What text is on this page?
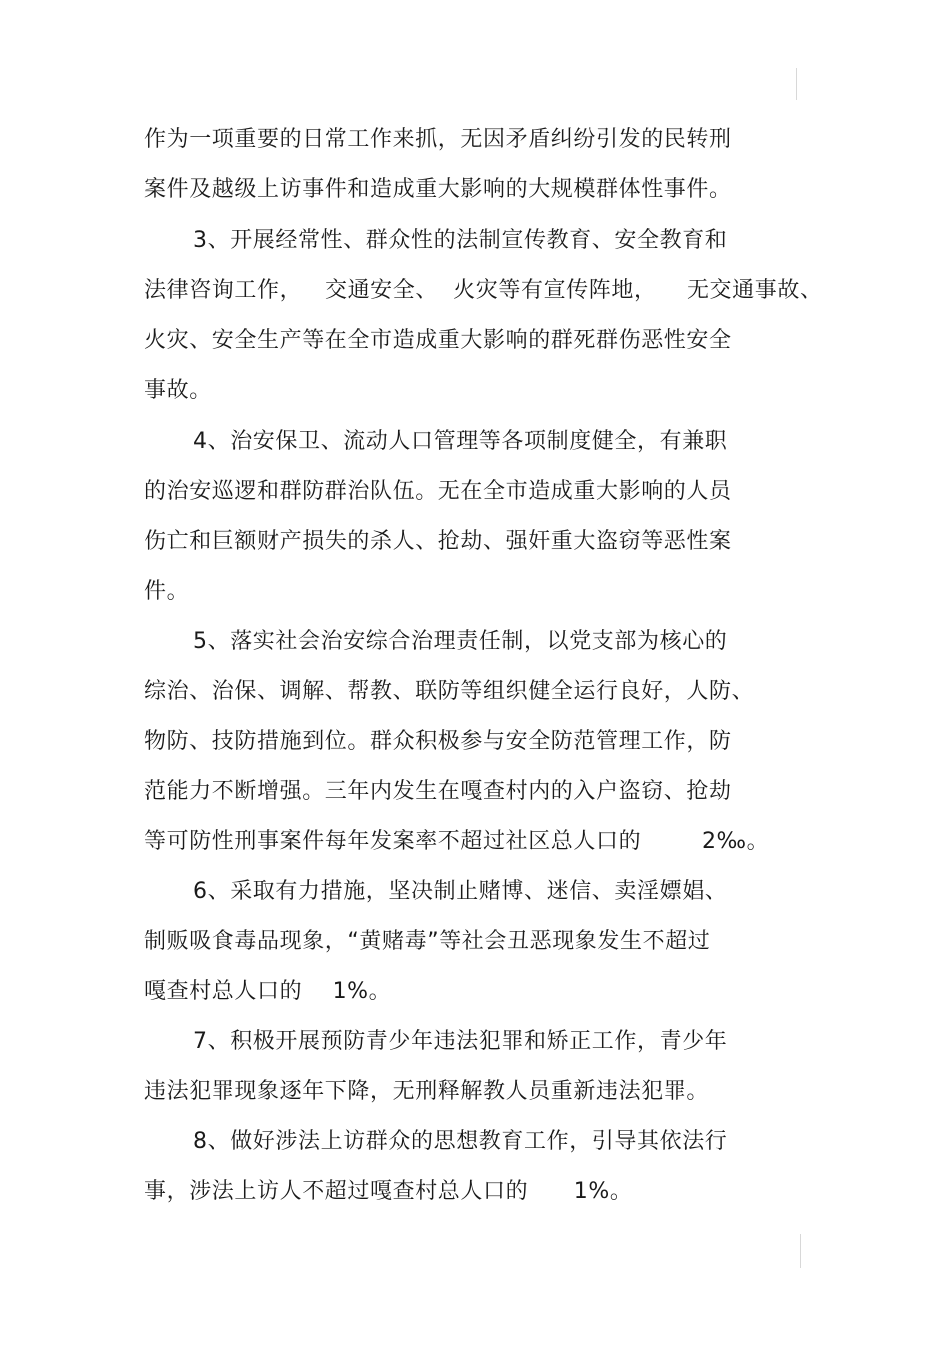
作为一项重要的日常工作来抓，无因矛盾纠纷引发的民转刑
案件及越级上访事件和造成重大影响的大规模群体性事件。
3、开展经常性、群众性的法制宣传教育、安全教育和
法律咨询工作，   交通安全、  火灾等有宣传阵地，    无交通事故、
火灾、安全生产等在全市造成重大影响的群死群伤恶性安全
事故。
4、治安保卫、流动人口管理等各项制度健全，有兼职
的治安巡逻和群防群治队伍。无在全市造成重大影响的人员
伤亡和巨额财产损失的杀人、抢劫、强奸重大盗窃等恶性案
件。
5、落实社会治安综合治理责任制，以党支部为核心的
综治、治保、调解、帮教、联防等组织健全运行良好，人防、
物防、技防措施到位。群众积极参与安全防范管理工作，防
范能力不断增强。三年内发生在嘎查村内的入户盗窃、抢劫
等可防性刑事案件每年发案率不超过社区总人口的        2‰。
6、采取有力措施，坚决制止赌博、迷信、卖淫嫖娼、
制贩吸食毒品现象，“黄赌毒”等社会丑恶现象发生不超过
嘎查村总人口的    1%。
7、积极开展预防青少年违法犯罪和矫正工作，青少年
违法犯罪现象逐年下降，无刑释解教人员重新违法犯罪。
8、做好涉法上访群众的思想教育工作，引导其依法行
事，涉法上访人不超过嘎查村总人口的      1%。
